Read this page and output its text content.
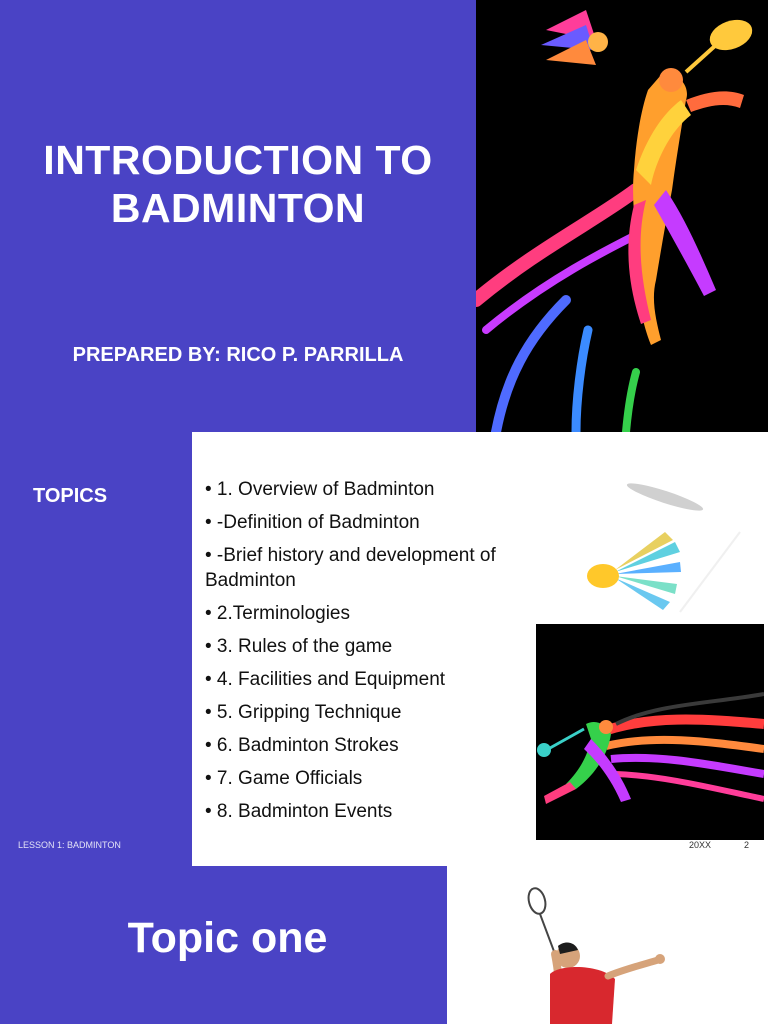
INTRODUCTION TO BADMINTON
PREPARED BY: RICO P. PARRILLA
TOPICS
LESSON 1: BADMINTON
• 1. Overview of Badminton
• -Definition of Badminton
• -Brief history and development of Badminton
• 2.Terminologies
• 3. Rules of the game
• 4. Facilities and Equipment
• 5. Gripping Technique
• 6. Badminton Strokes
• 7. Game Officials
• 8. Badminton Events
20XX	2
Topic one
